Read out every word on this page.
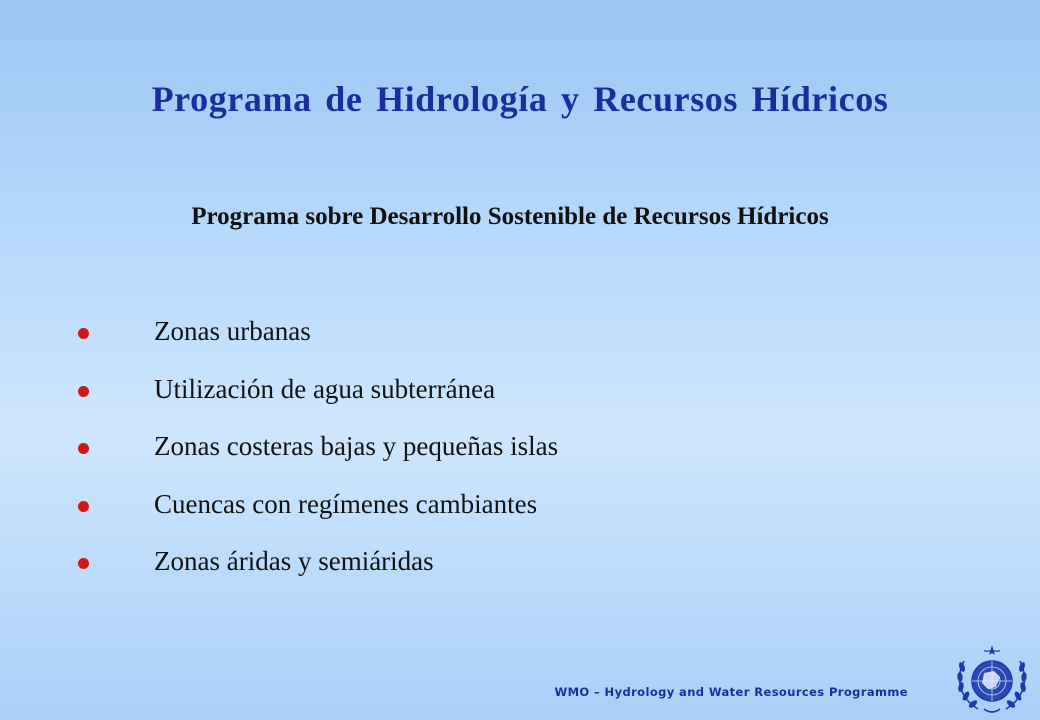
Programa de Hidrología y Recursos Hídricos
Programa sobre Desarrollo Sostenible de Recursos Hídricos
Zonas urbanas
Utilización de agua subterránea
Zonas costeras bajas y pequeñas islas
Cuencas con regímenes cambiantes
Zonas áridas y semiáridas
WMO – Hydrology and Water Resources Programme
